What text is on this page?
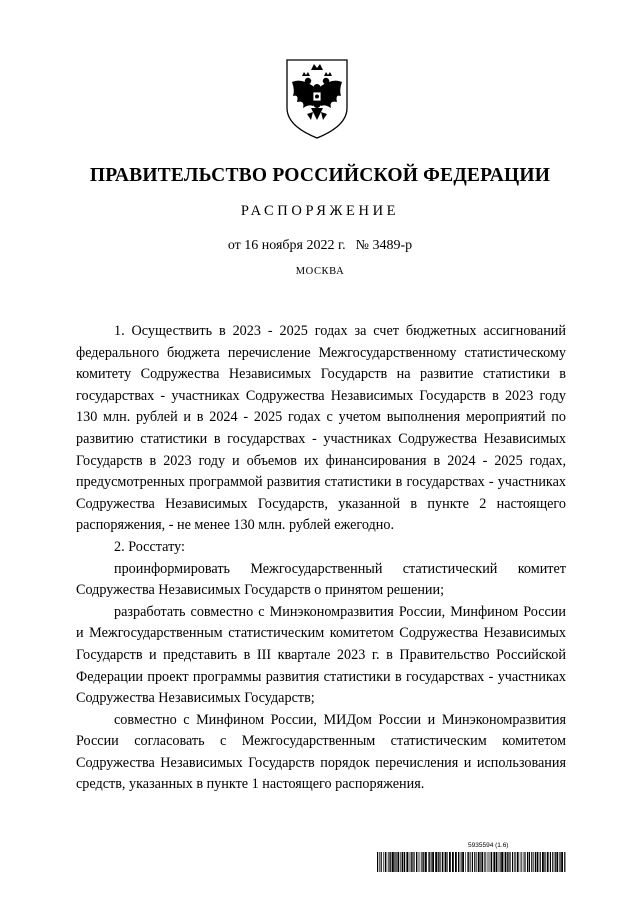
ПРАВИТЕЛЬСТВО РОССИЙСКОЙ ФЕДЕРАЦИИ
РАСПОРЯЖЕНИЕ
от 16 ноября 2022 г. № 3489-р
МОСКВА

1. Осуществить в 2023 - 2025 годах за счет бюджетных ассигнований федерального бюджета перечисление Межгосударственному статистическому комитету Содружества Независимых Государств на развитие статистики в государствах - участниках Содружества Независимых Государств в 2023 году 130 млн. рублей и в 2024 - 2025 годах с учетом выполнения мероприятий по развитию статистики в государствах - участниках Содружества Независимых Государств в 2023 году и объемов их финансирования в 2024 - 2025 годах, предусмотренных программой развития статистики в государствах - участниках Содружества Независимых Государств, указанной в пункте 2 настоящего распоряжения, - не менее 130 млн. рублей ежегодно.

2. Росстату:

проинформировать Межгосударственный статистический комитет Содружества Независимых Государств о принятом решении;

разработать совместно с Минэкономразвития России, Минфином России и Межгосударственным статистическим комитетом Содружества Независимых Государств и представить в III квартале 2023 г. в Правительство Российской Федерации проект программы развития статистики в государствах - участниках Содружества Независимых Государств;

совместно с Минфином России, МИДом России и Минэкономразвития России согласовать с Межгосударственным статистическим комитетом Содружества Независимых Государств порядок перечисления и использования средств, указанных в пункте 1 настоящего распоряжения.

5935594 (1.6)
